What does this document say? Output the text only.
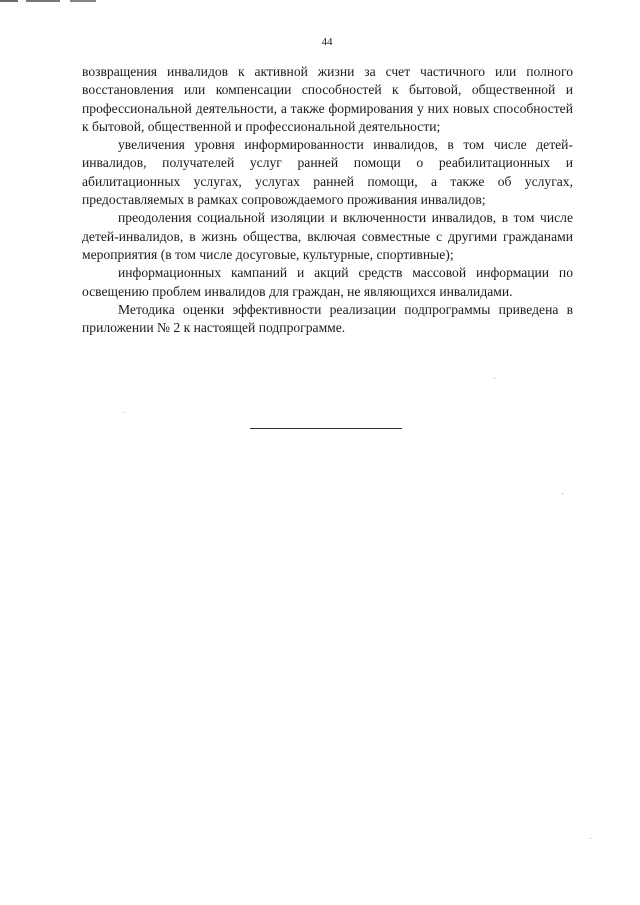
44

возвращения инвалидов к активной жизни за счет частичного или полного восстановления или компенсации способностей к бытовой, общественной и профессиональной деятельности, а также формирования у них новых способностей к бытовой, общественной и профессиональной деятельности;

увеличения уровня информированности инвалидов, в том числе детей-инвалидов, получателей услуг ранней помощи о реабилитационных и абилитационных услугах, услугах ранней помощи, а также об услугах, предоставляемых в рамках сопровождаемого проживания инвалидов;

преодоления социальной изоляции и включенности инвалидов, в том числе детей-инвалидов, в жизнь общества, включая совместные с другими гражданами мероприятия (в том числе досуговые, культурные, спортивные);

информационных кампаний и акций средств массовой информации по освещению проблем инвалидов для граждан, не являющихся инвалидами.

Методика оценки эффективности реализации подпрограммы приведена в приложении № 2 к настоящей подпрограмме.
